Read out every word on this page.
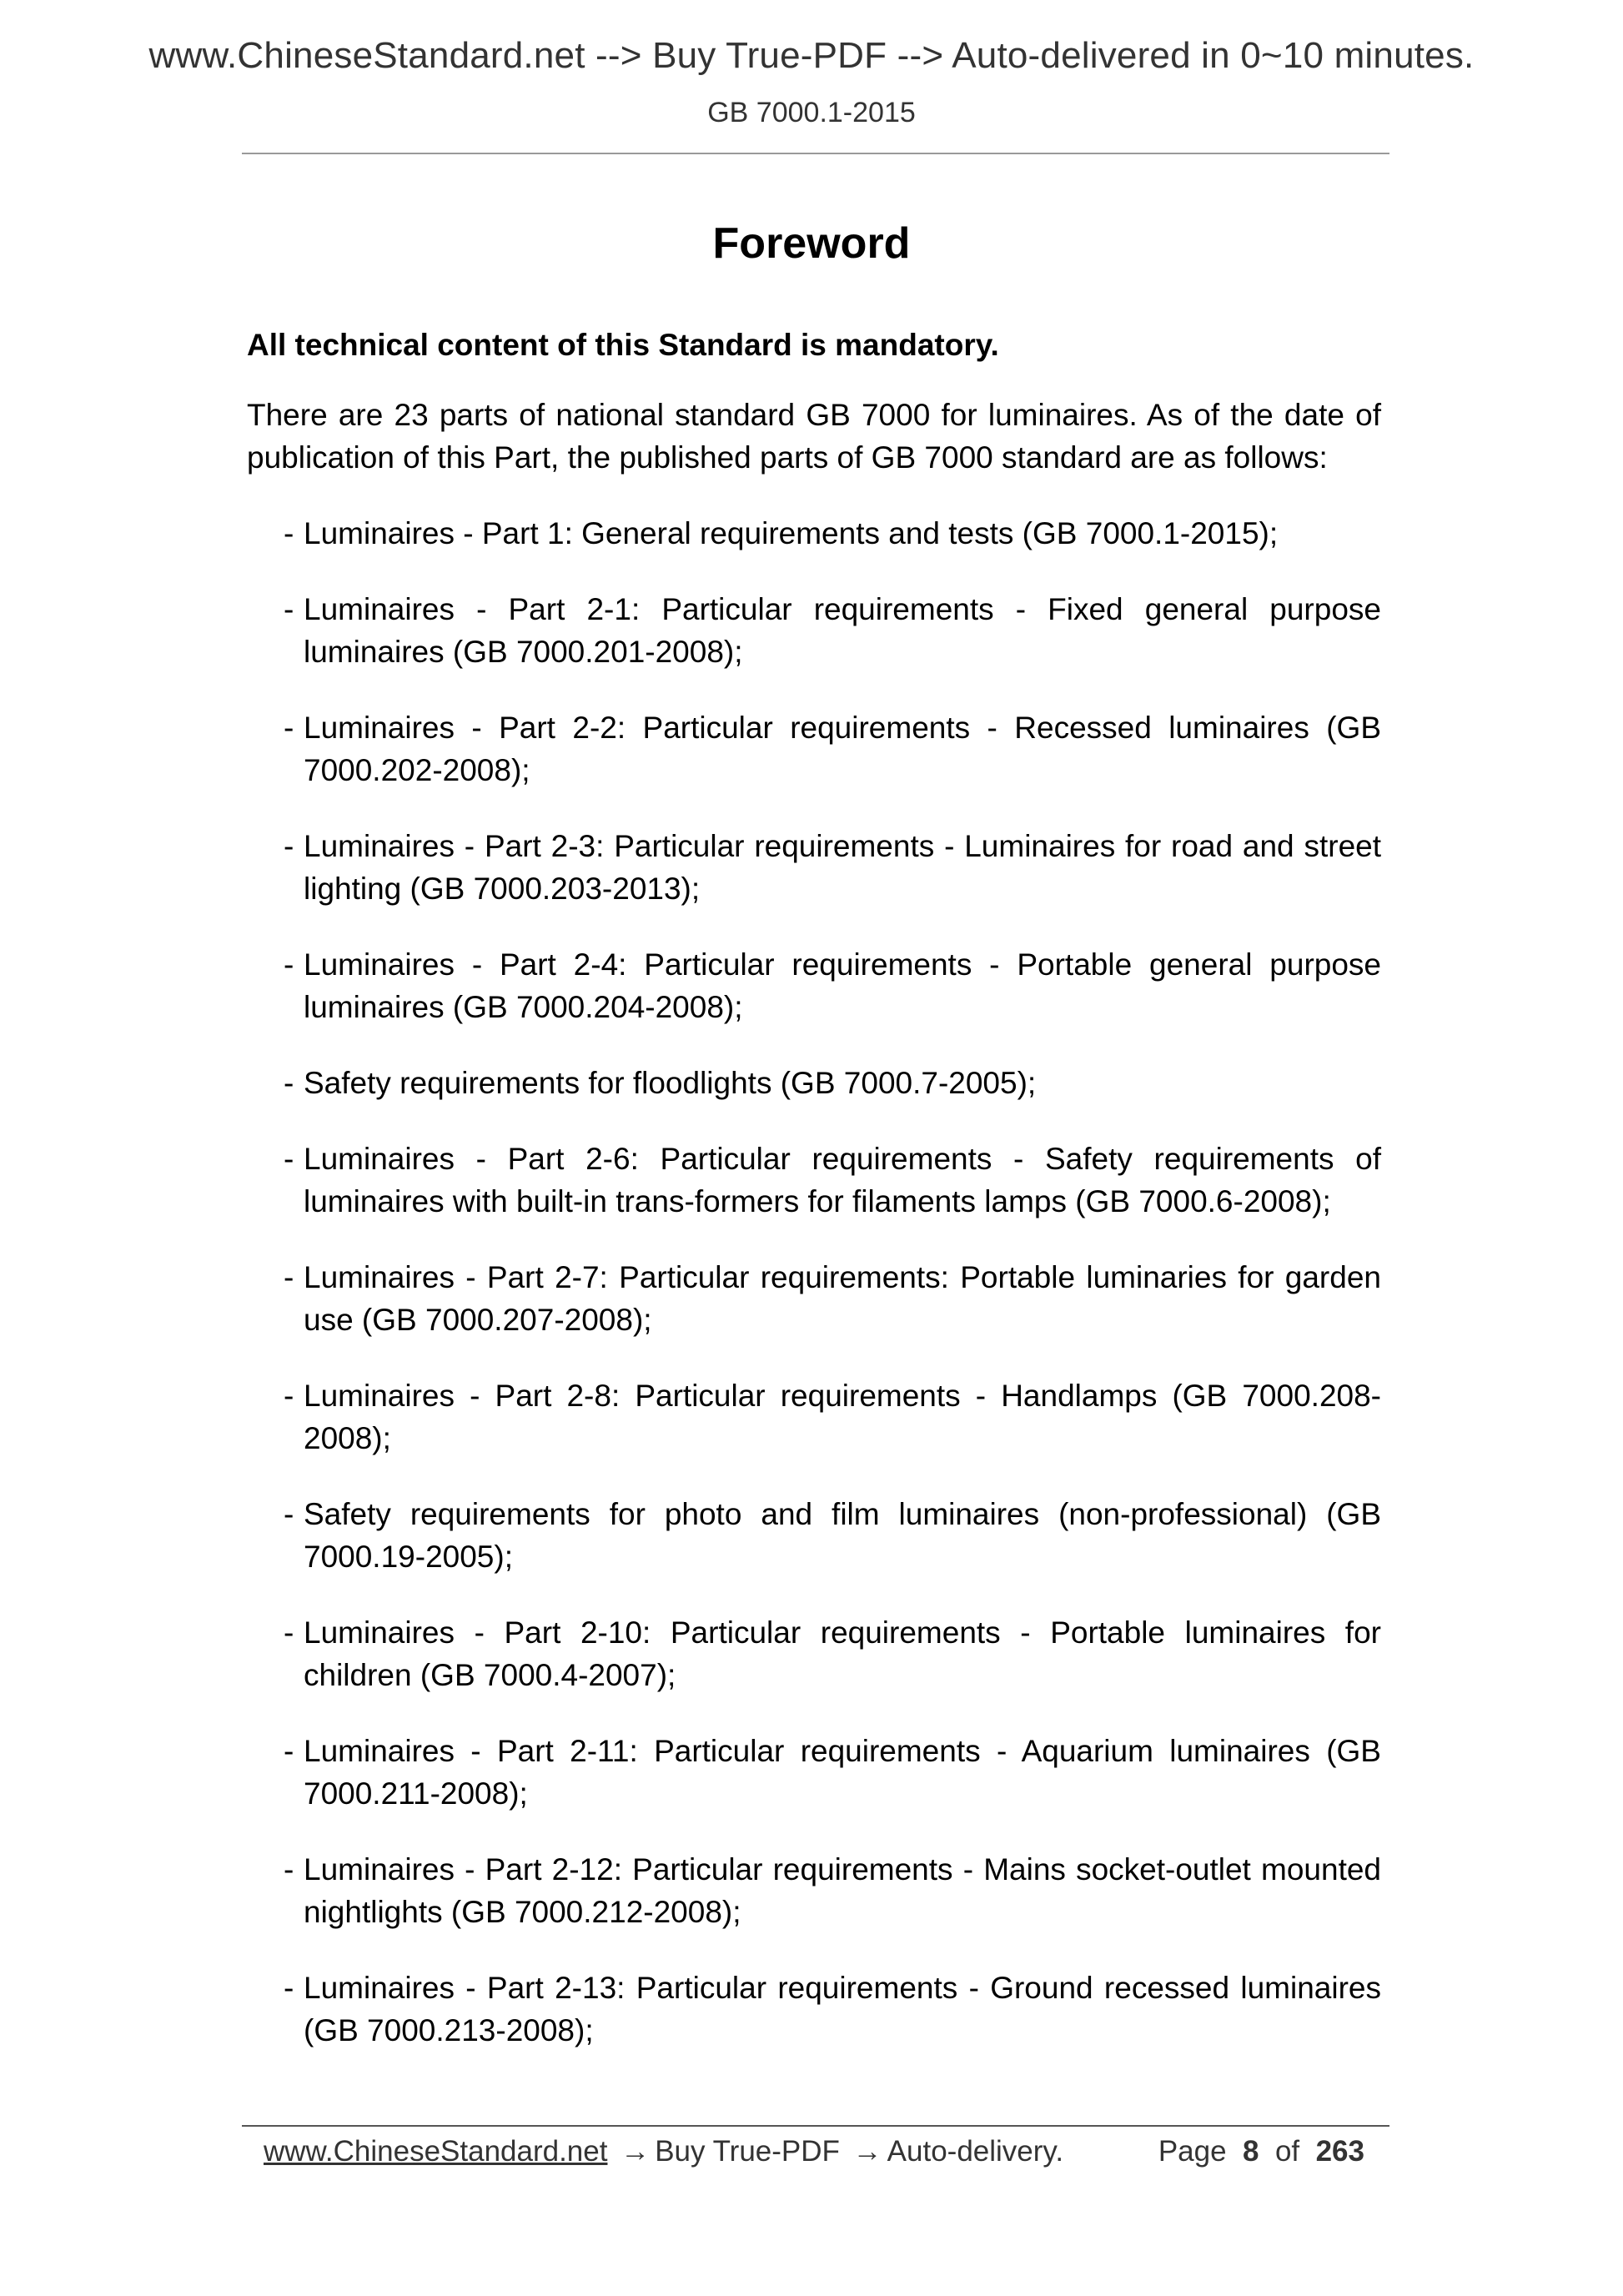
www.ChineseStandard.net --> Buy True-PDF --> Auto-delivered in 0~10 minutes.
GB 7000.1-2015
Foreword

All technical content of this Standard is mandatory.

There are 23 parts of national standard GB 7000 for luminaires. As of the date of publication of this Part, the published parts of GB 7000 standard are as follows:

- Luminaires - Part 1: General requirements and tests (GB 7000.1-2015);
- Luminaires - Part 2-1: Particular requirements - Fixed general purpose luminaires (GB 7000.201-2008);
- Luminaires - Part 2-2: Particular requirements - Recessed luminaires (GB 7000.202-2008);
- Luminaires - Part 2-3: Particular requirements - Luminaires for road and street lighting (GB 7000.203-2013);
- Luminaires - Part 2-4: Particular requirements - Portable general purpose luminaires (GB 7000.204-2008);
- Safety requirements for floodlights (GB 7000.7-2005);
- Luminaires - Part 2-6: Particular requirements - Safety requirements of luminaires with built-in trans-formers for filaments lamps (GB 7000.6-2008);
- Luminaires - Part 2-7: Particular requirements: Portable luminaries for garden use (GB 7000.207-2008);
- Luminaires - Part 2-8: Particular requirements - Handlamps (GB 7000.208-2008);
- Safety requirements for photo and film luminaires (non-professional) (GB 7000.19-2005);
- Luminaires - Part 2-10: Particular requirements - Portable luminaires for children (GB 7000.4-2007);
- Luminaires - Part 2-11: Particular requirements - Aquarium luminaires (GB 7000.211-2008);
- Luminaires - Part 2-12: Particular requirements - Mains socket-outlet mounted nightlights (GB 7000.212-2008);
- Luminaires - Part 2-13: Particular requirements - Ground recessed luminaires (GB 7000.213-2008);
www.ChineseStandard.net → Buy True-PDF → Auto-delivery.	Page 8 of 263
